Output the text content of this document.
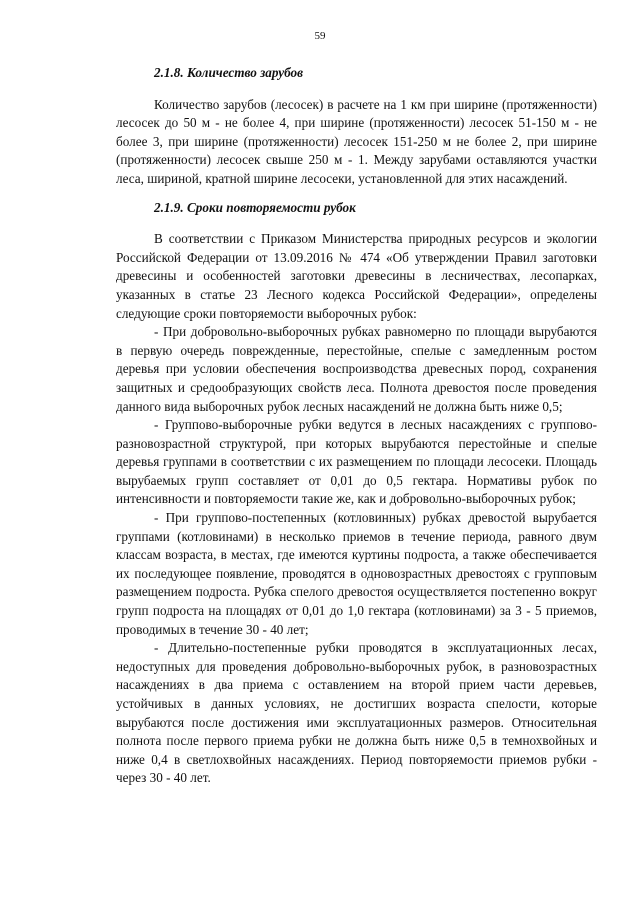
59

2.1.8. Количество зарубов

Количество зарубов (лесосек) в расчете на 1 км при ширине (протяженности) лесосек до 50 м - не более 4, при ширине (протяженности) лесосек 51-150 м - не более 3, при ширине (протяженности) лесосек 151-250 м не более 2, при ширине (протяженности) лесосек свыше 250 м - 1. Между зарубами оставляются участки леса, шириной, кратной ширине лесосеки, установленной для этих насаждений.

2.1.9. Сроки повторяемости рубок

В соответствии с Приказом Министерства природных ресурсов и экологии Российской Федерации от 13.09.2016 № 474 «Об утверждении Правил заготовки древесины и особенностей заготовки древесины в лесничествах, лесопарках, указанных в статье 23 Лесного кодекса Российской Федерации», определены следующие сроки повторяемости выборочных рубок:

- При добровольно-выборочных рубках равномерно по площади вырубаются в первую очередь поврежденные, перестойные, спелые с замедленным ростом деревья при условии обеспечения воспроизводства древесных пород, сохранения защитных и средообразующих свойств леса. Полнота древостоя после проведения данного вида выборочных рубок лесных насаждений не должна быть ниже 0,5;

- Группово-выборочные рубки ведутся в лесных насаждениях с группово-разновозрастной структурой, при которых вырубаются перестойные и спелые деревья группами в соответствии с их размещением по площади лесосеки. Площадь вырубаемых групп составляет от 0,01 до 0,5 гектара. Нормативы рубок по интенсивности и повторяемости такие же, как и добровольно-выборочных рубок;

- При группово-постепенных (котловинных) рубках древостой вырубается группами (котловинами) в несколько приемов в течение периода, равного двум классам возраста, в местах, где имеются куртины подроста, а также обеспечивается их последующее появление, проводятся в одновозрастных древостоях с групповым размещением подроста. Рубка спелого древостоя осуществляется постепенно вокруг групп подроста на площадях от 0,01 до 1,0 гектара (котловинами) за 3 - 5 приемов, проводимых в течение 30 - 40 лет;

- Длительно-постепенные рубки проводятся в эксплуатационных лесах, недоступных для проведения добровольно-выборочных рубок, в разновозрастных насаждениях в два приема с оставлением на второй прием части деревьев, устойчивых в данных условиях, не достигших возраста спелости, которые вырубаются после достижения ими эксплуатационных размеров. Относительная полнота после первого приема рубки не должна быть ниже 0,5 в темнохвойных и ниже 0,4 в светлохвойных насаждениях. Период повторяемости приемов рубки - через 30 - 40 лет.
